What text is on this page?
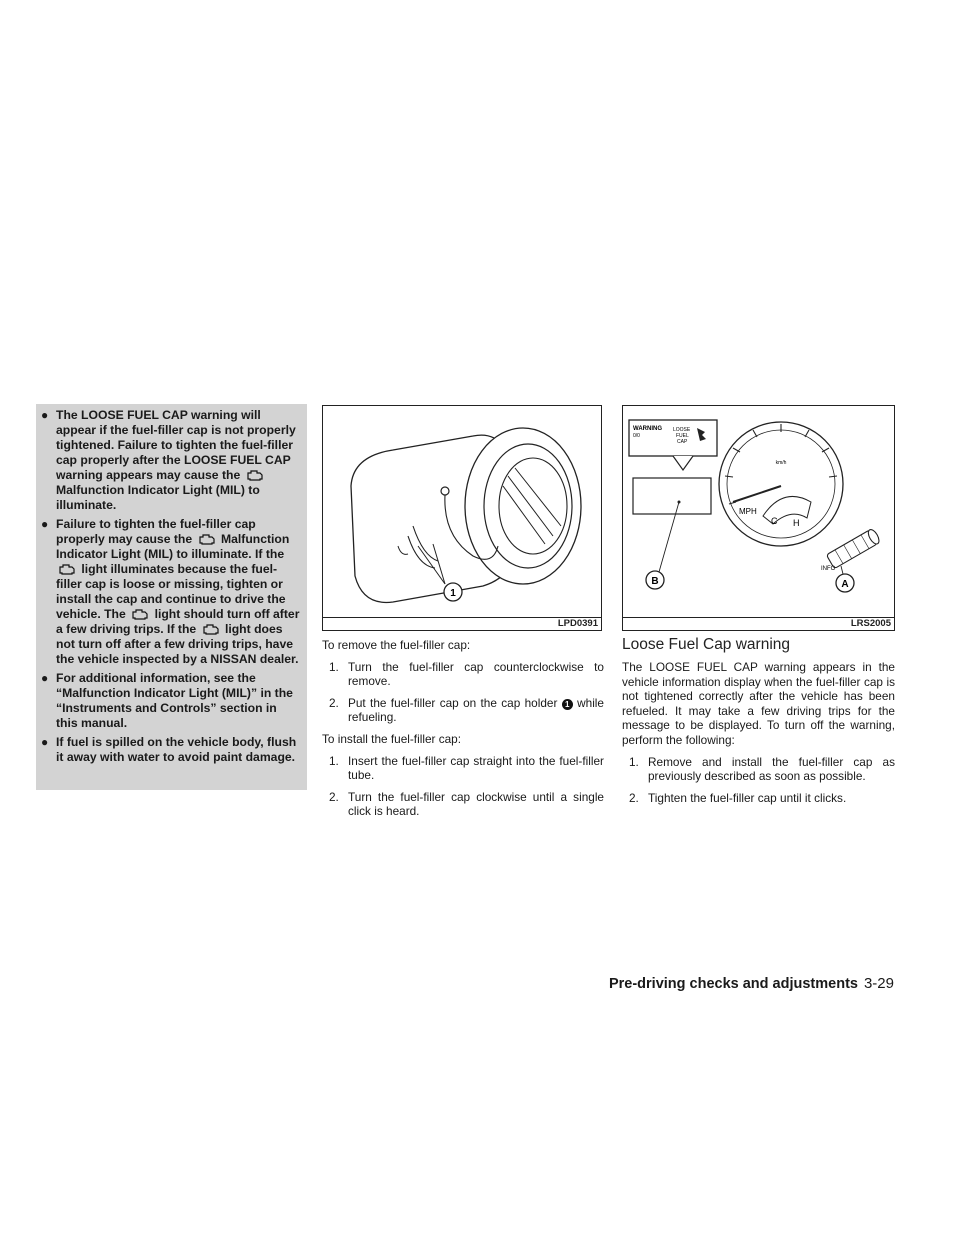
● The LOOSE FUEL CAP warning will appear if the fuel-filler cap is not properly tightened. Failure to tighten the fuel-filler cap properly after the LOOSE FUEL CAP warning appears may cause the  Malfunction Indicator Light (MIL) to illuminate.
● Failure to tighten the fuel-filler cap properly may cause the Malfunction Indicator Light (MIL) to illuminate. If the  light illuminates because the fuel-filler cap is loose or missing, tighten or install the cap and continue to drive the vehicle. The light should turn off after a few driving trips. If the light does not turn off after a few driving trips, have the vehicle inspected by a NISSAN dealer.
● For additional information, see the “Malfunction Indicator Light (MIL)” in the “Instruments and Controls” section in this manual.
● If fuel is spilled on the vehicle body, flush it away with water to avoid paint damage.
1
LPD0391
WARNING
0/0
LOOSE
FUEL
CAP
km/h
MPH
C H
INFO
B	A
LRS2005

To remove the fuel-filler cap:

1. Turn the fuel-filler cap counterclockwise to remove.

2. Put the fuel-filler cap on the cap holder 1 while refueling.

To install the fuel-filler cap:

1. Insert the fuel-filler cap straight into the fuel-filler tube.

2. Turn the fuel-filler cap clockwise until a single click is heard.

Loose Fuel Cap warning

The LOOSE FUEL CAP warning appears in the vehicle information display when the fuel-filler cap is not tightened correctly after the vehicle has been refueled. It may take a few driving trips for the message to be displayed. To turn off the warning, perform the following:

1. Remove and install the fuel-filler cap as previously described as soon as possible.

2. Tighten the fuel-filler cap until it clicks.

Pre-driving checks and adjustments 3-29
